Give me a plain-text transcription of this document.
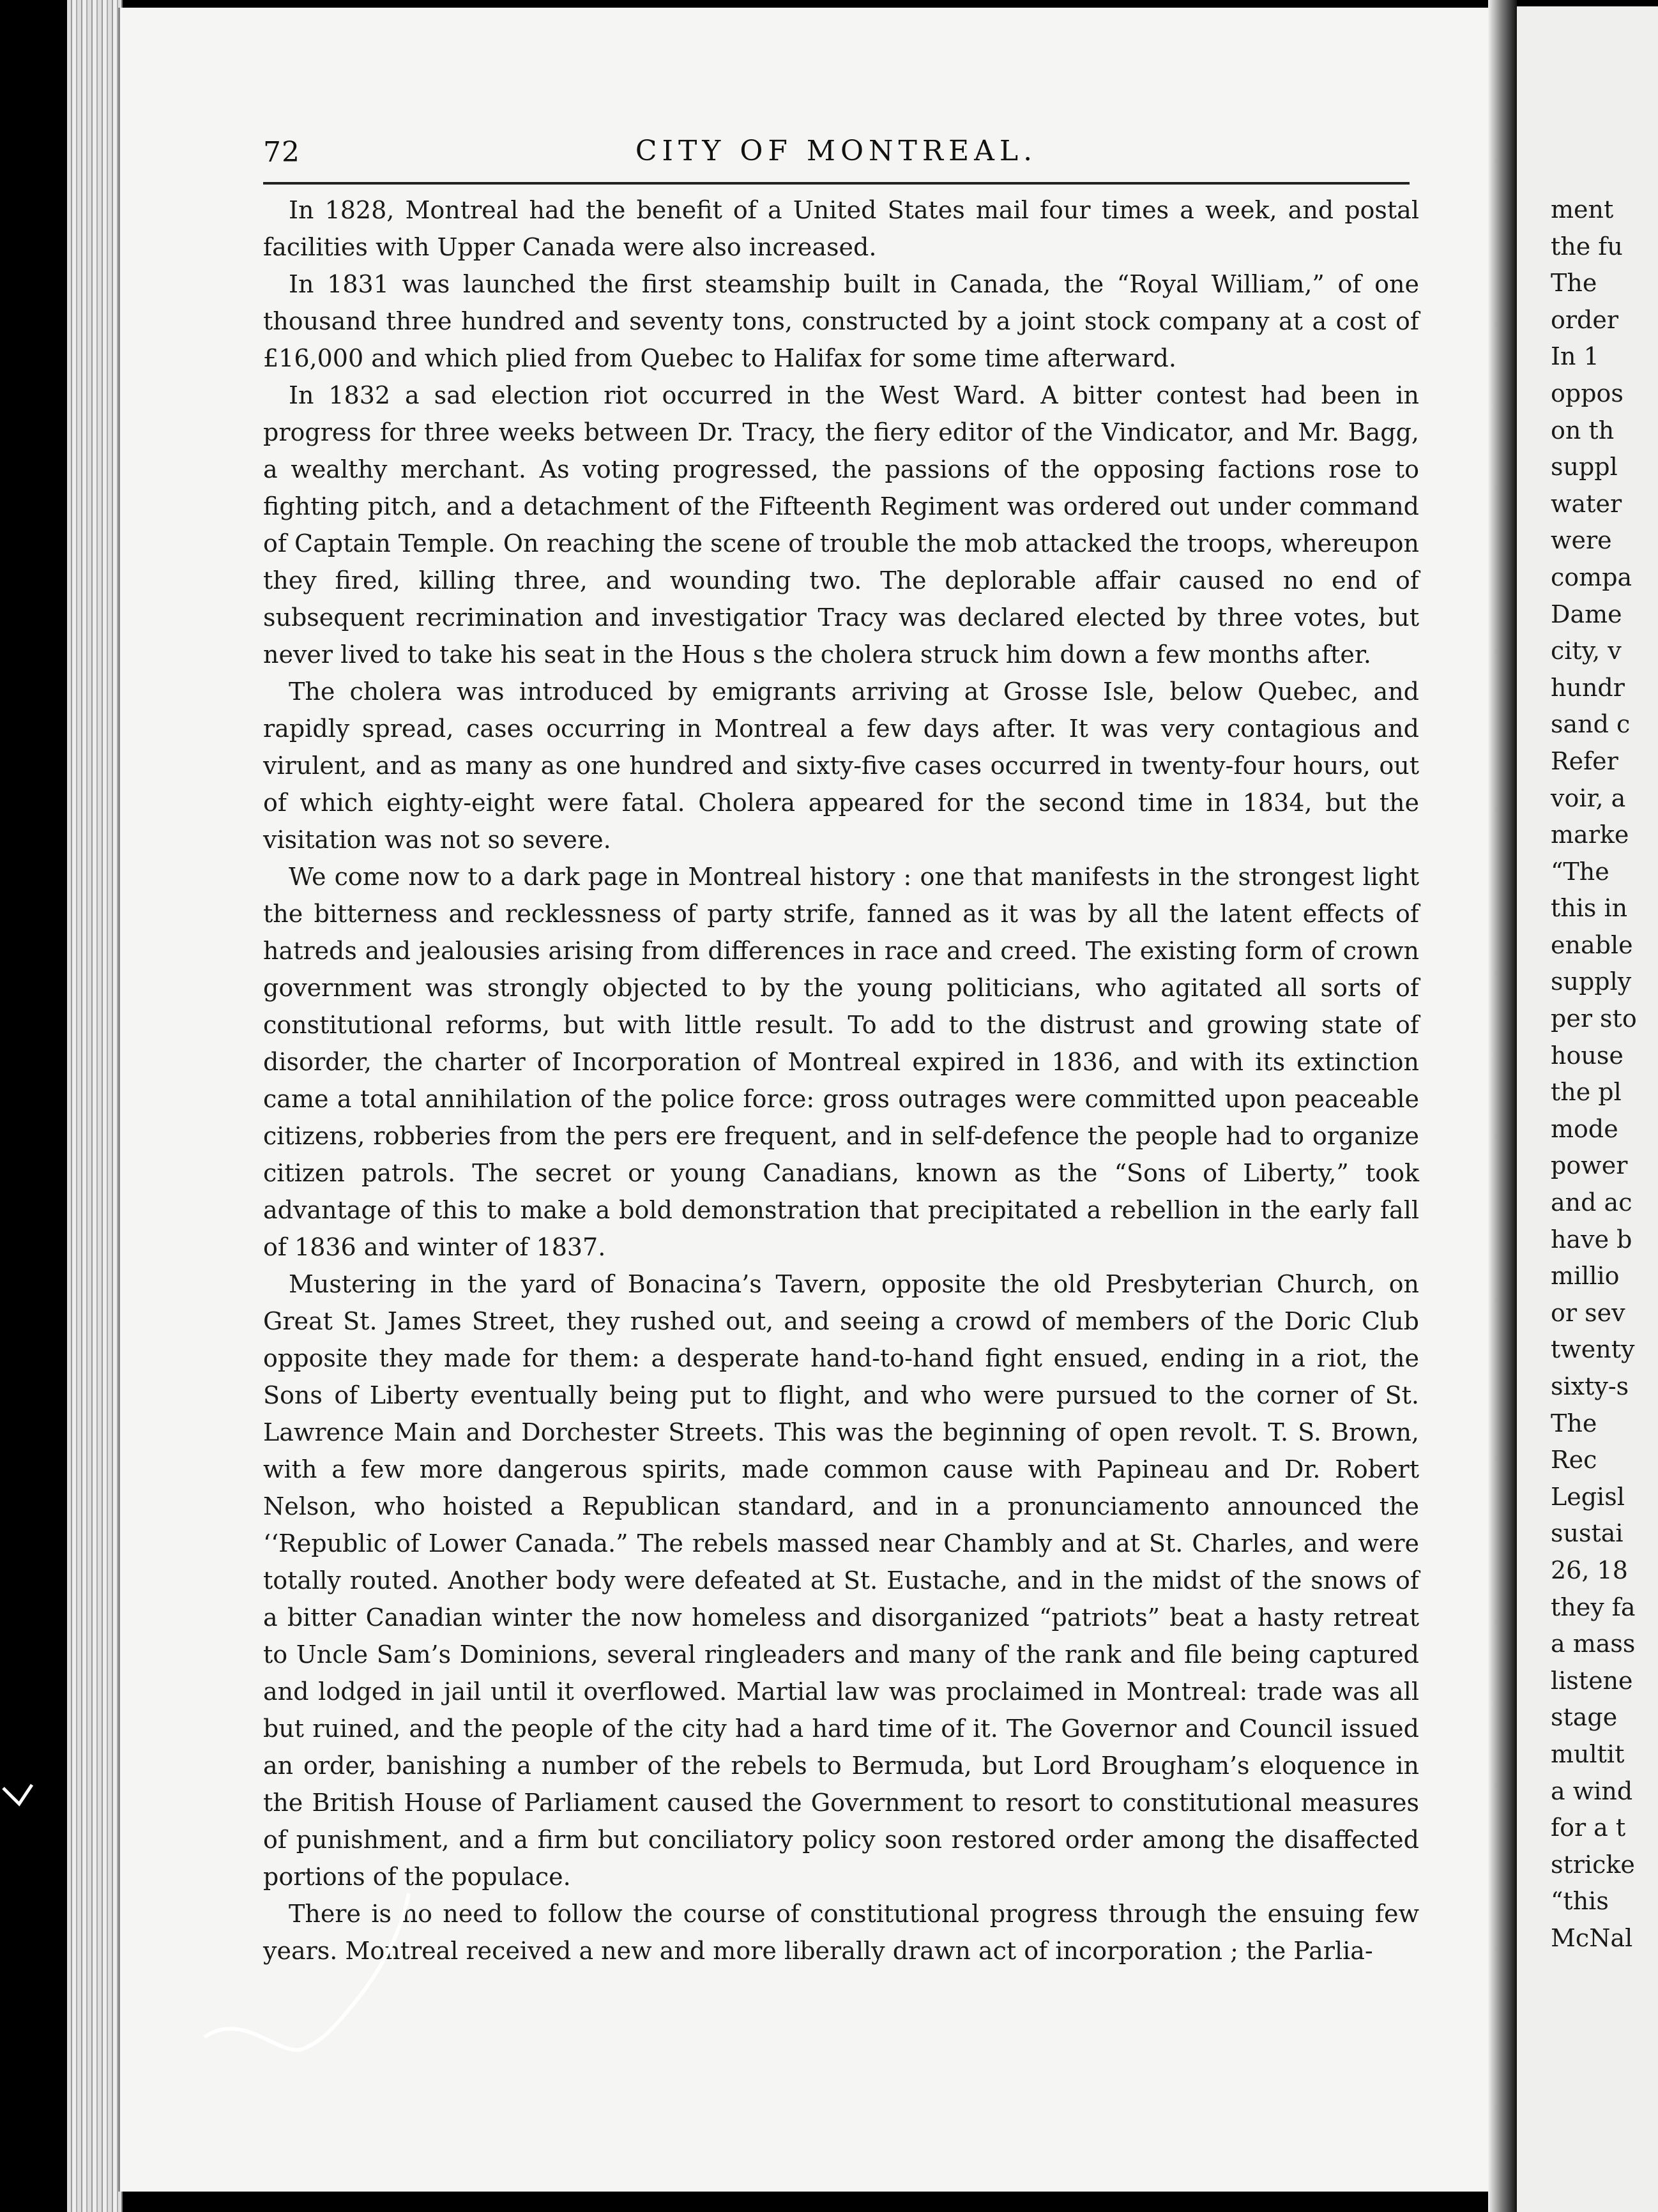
72	CITY OF MONTREAL.

In 1828, Montreal had the benefit of a United States mail four times a week, and postal facilities with Upper Canada were also increased.

In 1831 was launched the first steamship built in Canada, the “Royal William,” of one thousand three hundred and seventy tons, constructed by a joint stock company at a cost of £16,000 and which plied from Quebec to Halifax for some time afterward.

In 1832 a sad election riot occurred in the West Ward. A bitter contest had been in progress for three weeks between Dr. Tracy, the fiery editor of the Vindicator, and Mr. Bagg, a wealthy merchant. As voting progressed, the passions of the opposing factions rose to fighting pitch, and a detachment of the Fifteenth Regiment was ordered out under command of Captain Temple. On reaching the scene of trouble the mob attacked the troops, whereupon they fired, killing three, and wounding two. The deplorable affair caused no end of subsequent recrimination and investigatior Tracy was declared elected by three votes, but never lived to take his seat in the Hous s the cholera struck him down a few months after.

The cholera was introduced by emigrants arriving at Grosse Isle, below Quebec, and rapidly spread, cases occurring in Montreal a few days after. It was very contagious and virulent, and as many as one hundred and sixty-five cases occurred in twenty-four hours, out of which eighty-eight were fatal. Cholera appeared for the second time in 1834, but the visitation was not so severe.

We come now to a dark page in Montreal history : one that manifests in the strongest light the bitterness and recklessness of party strife, fanned as it was by all the latent effects of hatreds and jealousies arising from differences in race and creed. The existing form of crown government was strongly objected to by the young politicians, who agitated all sorts of constitutional reforms, but with little result. To add to the distrust and growing state of disorder, the charter of Incorporation of Montreal expired in 1836, and with its extinction came a total annihilation of the police force: gross outrages were committed upon peaceable citizens, robberies from the pers ere frequent, and in self-defence the people had to organize citizen patrols. The secret or young Canadians, known as the “Sons of Liberty,” took advantage of this to make a bold demonstration that precipitated a rebellion in the early fall of 1836 and winter of 1837.

Mustering in the yard of Bonacina’s Tavern, opposite the old Presbyterian Church, on Great St. James Street, they rushed out, and seeing a crowd of members of the Doric Club opposite they made for them: a desperate hand-to-hand fight ensued, ending in a riot, the Sons of Liberty eventually being put to flight, and who were pursued to the corner of St. Lawrence Main and Dorchester Streets. This was the beginning of open revolt. T. S. Brown, with a few more dangerous spirits, made common cause with Papineau and Dr. Robert Nelson, who hoisted a Republican standard, and in a pronunciamento announced the ‘‘Republic of Lower Canada.” The rebels massed near Chambly and at St. Charles, and were totally routed. Another body were defeated at St. Eustache, and in the midst of the snows of a bitter Canadian winter the now homeless and disorganized “patriots” beat a hasty retreat to Uncle Sam’s Dominions, several ringleaders and many of the rank and file being captured and lodged in jail until it overflowed. Martial law was proclaimed in Montreal: trade was all but ruined, and the people of the city had a hard time of it. The Governor and Council issued an order, banishing a number of the rebels to Bermuda, but Lord Brougham’s eloquence in the British House of Parliament caused the Government to resort to constitutional measures of punishment, and a firm but conciliatory policy soon restored order among the disaffected portions of the populace.

There is no need to follow the course of constitutional progress through the ensuing few years. Montreal received a new and more liberally drawn act of incorporation ; the Parlia-

ment
the fu
The
order
In 1
oppos
on th
suppl
water
were
compa
Dame
city, v
hundr
sand c
Refer
voir, a
marke
“The
this in
enable
supply
per sto
house
the pl
mode
power
and ac
have b
millio
or sev
twenty
sixty-s
The
Rec
Legisl
sustai
26, 18
they fa
a mass
listene
stage
multit
a wind
for a t
stricke
“this
McNal
